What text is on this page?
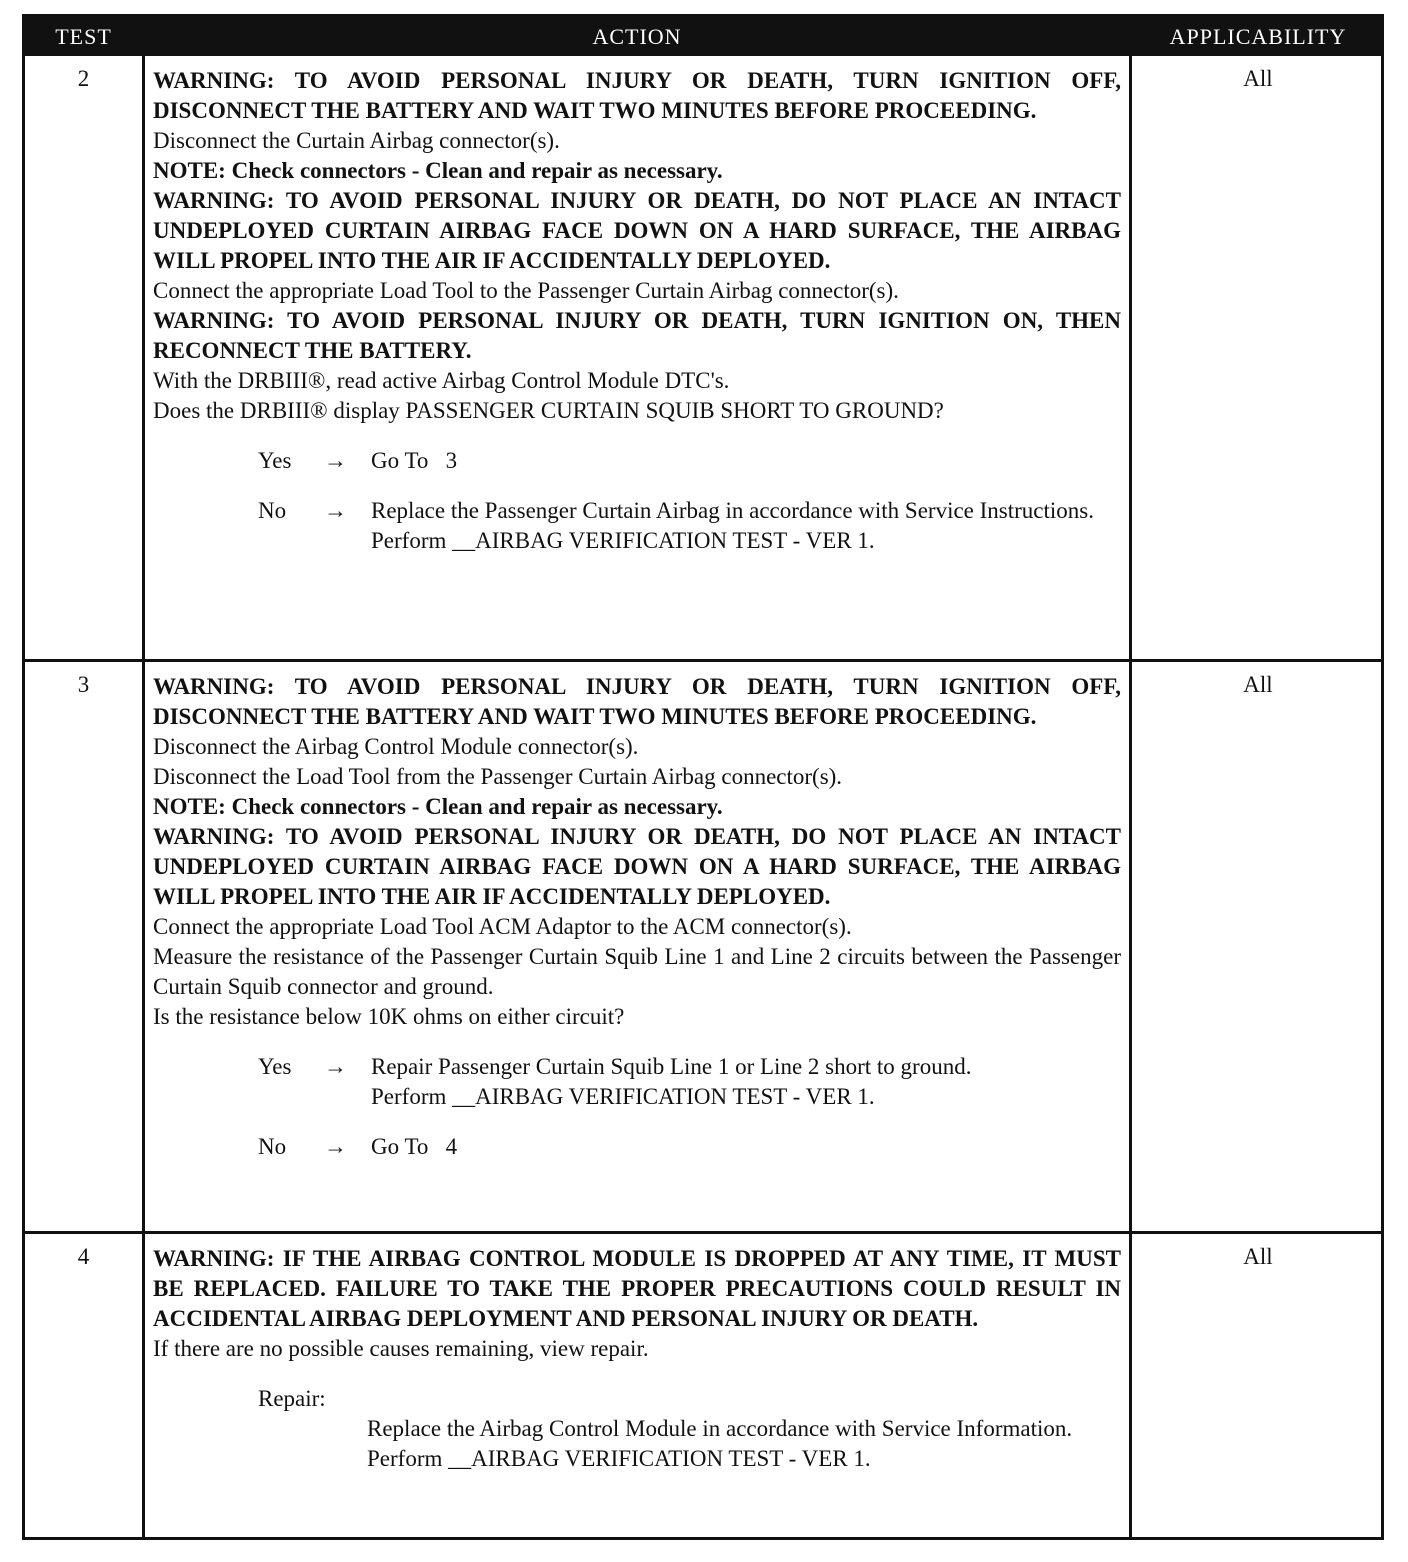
TEST	ACTION	APPLICABILITY
2	WARNING: TO AVOID PERSONAL INJURY OR DEATH, TURN IGNITION OFF, DISCONNECT THE BATTERY AND WAIT TWO MINUTES BEFORE PROCEEDING.

Disconnect the Curtain Airbag connector(s).

NOTE: Check connectors - Clean and repair as necessary.

WARNING: TO AVOID PERSONAL INJURY OR DEATH, DO NOT PLACE AN INTACT UNDEPLOYED CURTAIN AIRBAG FACE DOWN ON A HARD SURFACE, THE AIRBAG WILL PROPEL INTO THE AIR IF ACCIDENTALLY DEPLOYED.

Connect the appropriate Load Tool to the Passenger Curtain Airbag connector(s).

WARNING: TO AVOID PERSONAL INJURY OR DEATH, TURN IGNITION ON, THEN RECONNECT THE BATTERY.

With the DRBIII®, read active Airbag Control Module DTC's.

Does the DRBIII® display PASSENGER CURTAIN SQUIB SHORT TO GROUND?

Yes	→	Go To   3
No	→	Replace the Passenger Curtain Airbag in accordance with Service Instructions.
Perform __AIRBAG VERIFICATION TEST - VER 1.
All
3	WARNING: TO AVOID PERSONAL INJURY OR DEATH, TURN IGNITION OFF, DISCONNECT THE BATTERY AND WAIT TWO MINUTES BEFORE PROCEEDING.

Disconnect the Airbag Control Module connector(s).

Disconnect the Load Tool from the Passenger Curtain Airbag connector(s).

NOTE: Check connectors - Clean and repair as necessary.

WARNING: TO AVOID PERSONAL INJURY OR DEATH, DO NOT PLACE AN INTACT UNDEPLOYED CURTAIN AIRBAG FACE DOWN ON A HARD SURFACE, THE AIRBAG WILL PROPEL INTO THE AIR IF ACCIDENTALLY DEPLOYED.

Connect the appropriate Load Tool ACM Adaptor to the ACM connector(s).

Measure the resistance of the Passenger Curtain Squib Line 1 and Line 2 circuits between the Passenger Curtain Squib connector and ground.

Is the resistance below 10K ohms on either circuit?

Yes	→	Repair Passenger Curtain Squib Line 1 or Line 2 short to ground.
Perform __AIRBAG VERIFICATION TEST - VER 1.
No	→	Go To   4
All
4	WARNING: IF THE AIRBAG CONTROL MODULE IS DROPPED AT ANY TIME, IT MUST BE REPLACED. FAILURE TO TAKE THE PROPER PRECAUTIONS COULD RESULT IN ACCIDENTAL AIRBAG DEPLOYMENT AND PERSONAL INJURY OR DEATH.

If there are no possible causes remaining, view repair.

Repair:

Replace the Airbag Control Module in accordance with Service Information.
Perform __AIRBAG VERIFICATION TEST - VER 1.

All
